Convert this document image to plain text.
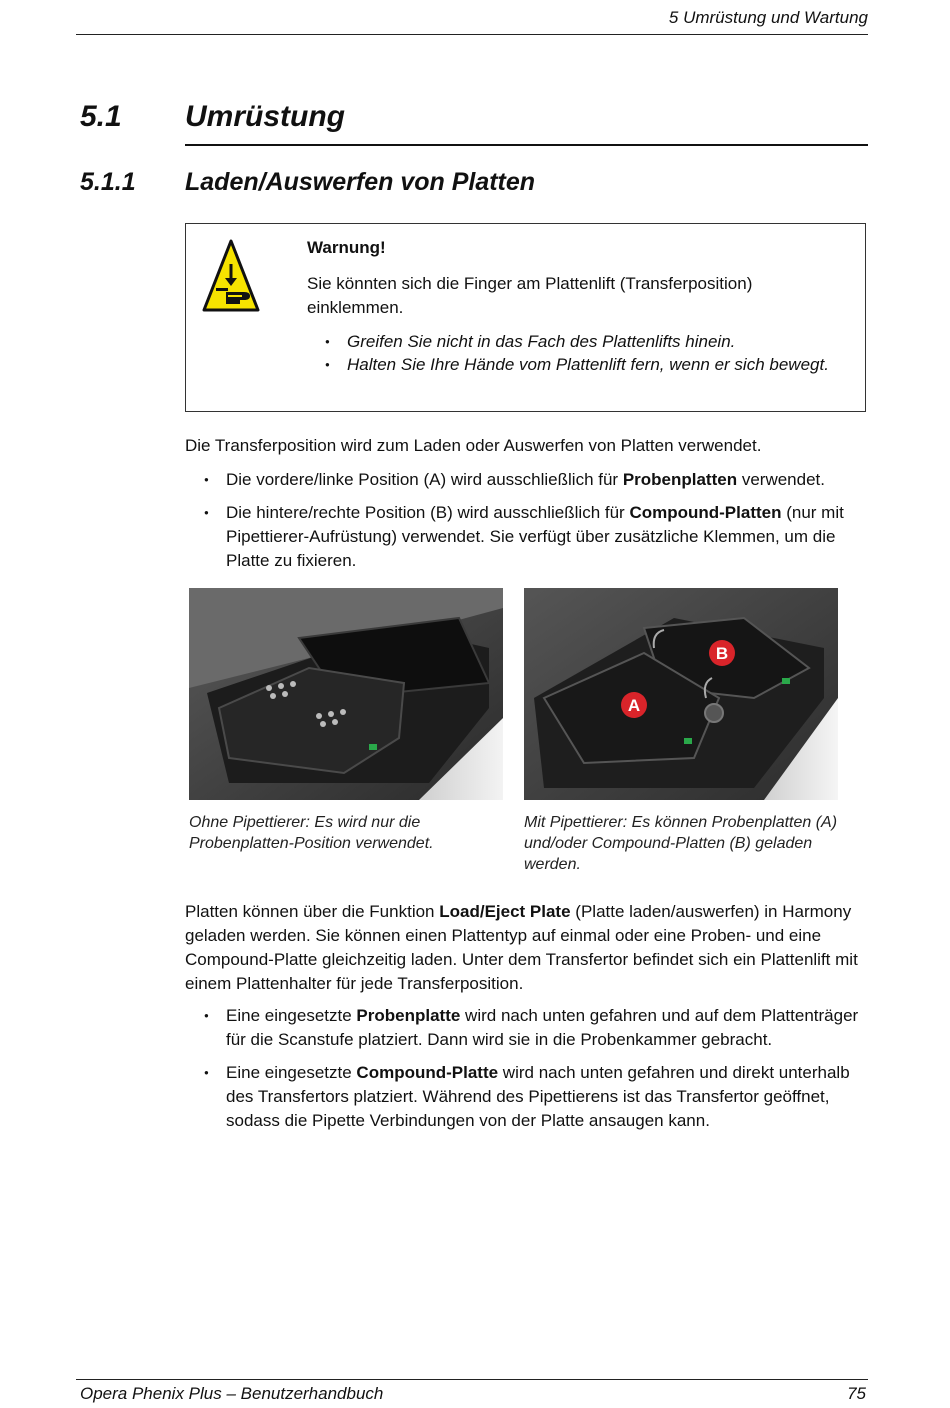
5 Umrüstung und Wartung
5.1 Umrüstung
5.1.1 Laden/Auswerfen von Platten
Warnung!
Sie könnten sich die Finger am Plattenlift (Transferposition) einklemmen.
● Greifen Sie nicht in das Fach des Plattenlifts hinein.
● Halten Sie Ihre Hände vom Plattenlift fern, wenn er sich bewegt.
Die Transferposition wird zum Laden oder Auswerfen von Platten verwendet.
● Die vordere/linke Position (A) wird ausschließlich für Probenplatten verwendet.
● Die hintere/rechte Position (B) wird ausschließlich für Compound-Platten (nur mit Pipettierer-Aufrüstung) verwendet. Sie verfügt über zusätzliche Klemmen, um die Platte zu fixieren.
Ohne Pipettierer: Es wird nur die Probenplatten-Position verwendet.
A
B
Mit Pipettierer: Es können Probenplatten (A) und/oder Compound-Platten (B) geladen werden.
Platten können über die Funktion Load/Eject Plate (Platte laden/auswerfen) in Harmony geladen werden. Sie können einen Plattentyp auf einmal oder eine Proben- und eine Compound-Platte gleichzeitig laden. Unter dem Transfertor befindet sich ein Plattenlift mit einem Plattenhalter für jede Transferposition.
● Eine eingesetzte Probenplatte wird nach unten gefahren und auf dem Plattenträger für die Scanstufe platziert. Dann wird sie in die Probenkammer gebracht.
● Eine eingesetzte Compound-Platte wird nach unten gefahren und direkt unterhalb des Transfertors platziert. Während des Pipettierens ist das Transfertor geöffnet, sodass die Pipette Verbindungen von der Platte ansaugen kann.
Opera Phenix Plus – Benutzerhandbuch	75
